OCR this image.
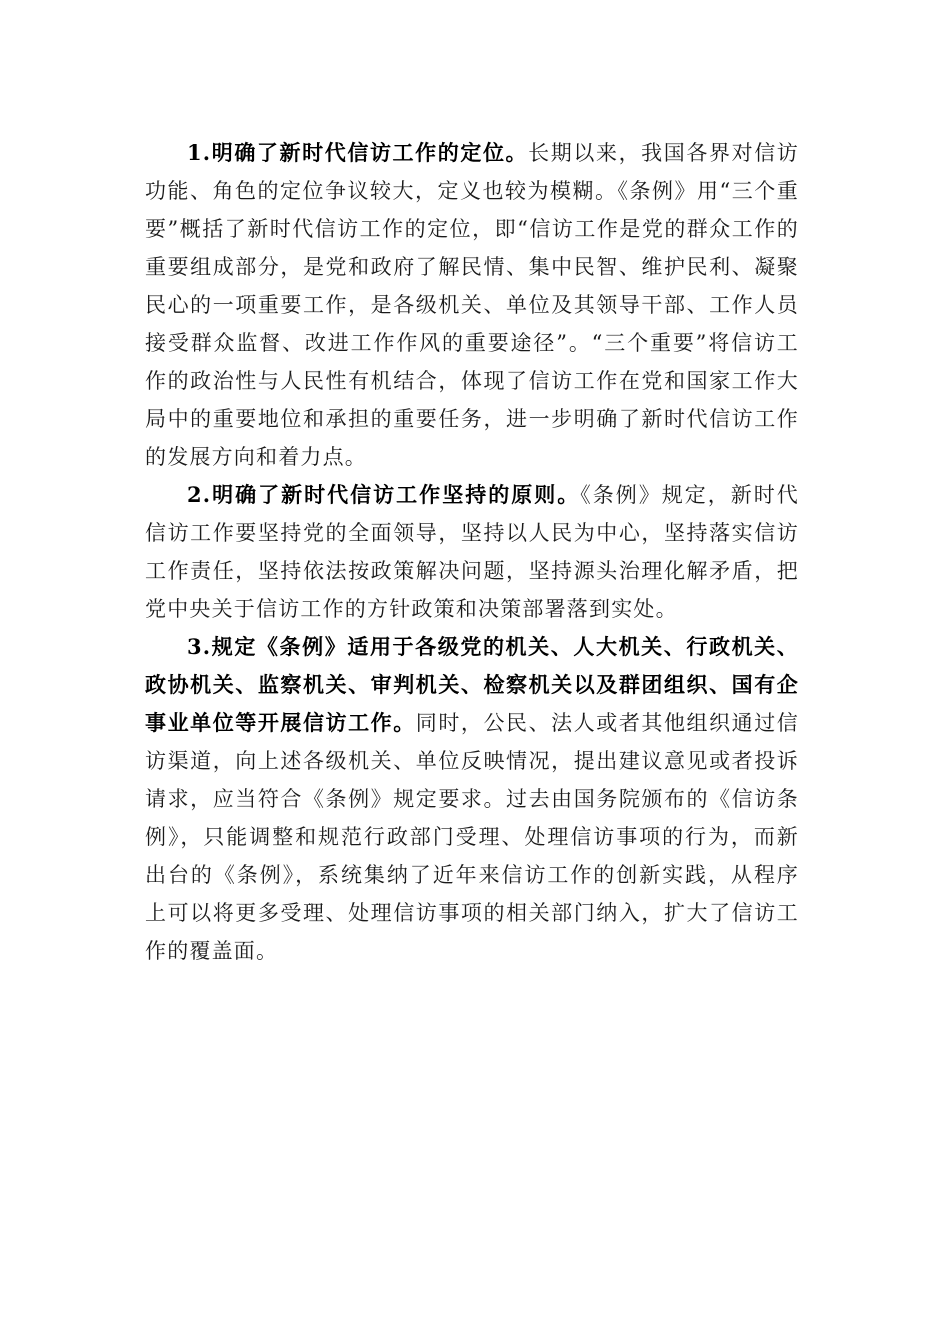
1.明确了新时代信访工作的定位。长期以来，我国各界对信访功能、角色的定位争议较大，定义也较为模糊。《条例》用“三个重要”概括了新时代信访工作的定位，即“信访工作是党的群众工作的重要组成部分，是党和政府了解民情、集中民智、维护民利、凝聚民心的一项重要工作，是各级机关、单位及其领导干部、工作人员接受群众监督、改进工作作风的重要途径”。“三个重要”将信访工作的政治性与人民性有机结合，体现了信访工作在党和国家工作大局中的重要地位和承担的重要任务，进一步明确了新时代信访工作的发展方向和着力点。

2.明确了新时代信访工作坚持的原则。《条例》规定，新时代信访工作要坚持党的全面领导，坚持以人民为中心，坚持落实信访工作责任，坚持依法按政策解决问题，坚持源头治理化解矛盾，把党中央关于信访工作的方针政策和决策部署落到实处。

3.规定《条例》适用于各级党的机关、人大机关、行政机关、政协机关、监察机关、审判机关、检察机关以及群团组织、国有企事业单位等开展信访工作。同时，公民、法人或者其他组织通过信访渠道，向上述各级机关、单位反映情况，提出建议意见或者投诉请求，应当符合《条例》规定要求。过去由国务院颁布的《信访条例》，只能调整和规范行政部门受理、处理信访事项的行为，而新出台的《条例》，系统集纳了近年来信访工作的创新实践，从程序上可以将更多受理、处理信访事项的相关部门纳入，扩大了信访工作的覆盖面。
